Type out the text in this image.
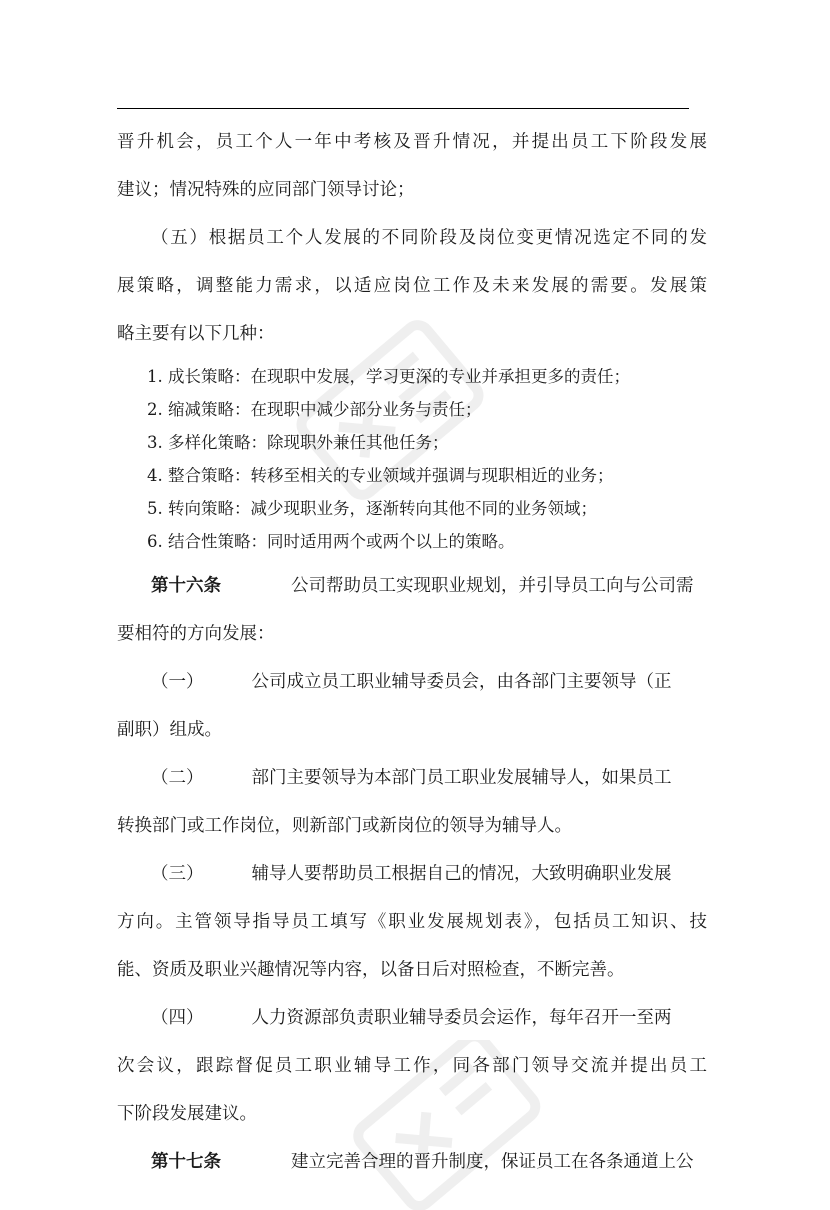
晋升机会，员工个人一年中考核及晋升情况，并提出员工下阶段发展
建议；情况特殊的应同部门领导讨论；
（五）根据员工个人发展的不同阶段及岗位变更情况选定不同的发
展策略，调整能力需求，以适应岗位工作及未来发展的需要。发展策
略主要有以下几种：
1. 成长策略：在现职中发展，学习更深的专业并承担更多的责任；
2. 缩减策略：在现职中减少部分业务与责任；
3. 多样化策略：除现职外兼任其他任务；
4. 整合策略：转移至相关的专业领域并强调与现职相近的业务；
5. 转向策略：减少现职业务，逐渐转向其他不同的业务领域；
6. 结合性策略：同时适用两个或两个以上的策略。
第十六条	公司帮助员工实现职业规划，并引导员工向与公司需
要相符的方向发展：
（一）	公司成立员工职业辅导委员会，由各部门主要领导（正
副职）组成。
（二）	部门主要领导为本部门员工职业发展辅导人，如果员工
转换部门或工作岗位，则新部门或新岗位的领导为辅导人。
（三）	辅导人要帮助员工根据自己的情况，大致明确职业发展
方向。主管领导指导员工填写《职业发展规划表》，包括员工知识、技
能、资质及职业兴趣情况等内容，以备日后对照检查，不断完善。
（四）	人力资源部负责职业辅导委员会运作，每年召开一至两
次会议，跟踪督促员工职业辅导工作，同各部门领导交流并提出员工
下阶段发展建议。
第十七条	建立完善合理的晋升制度，保证员工在各条通道上公
